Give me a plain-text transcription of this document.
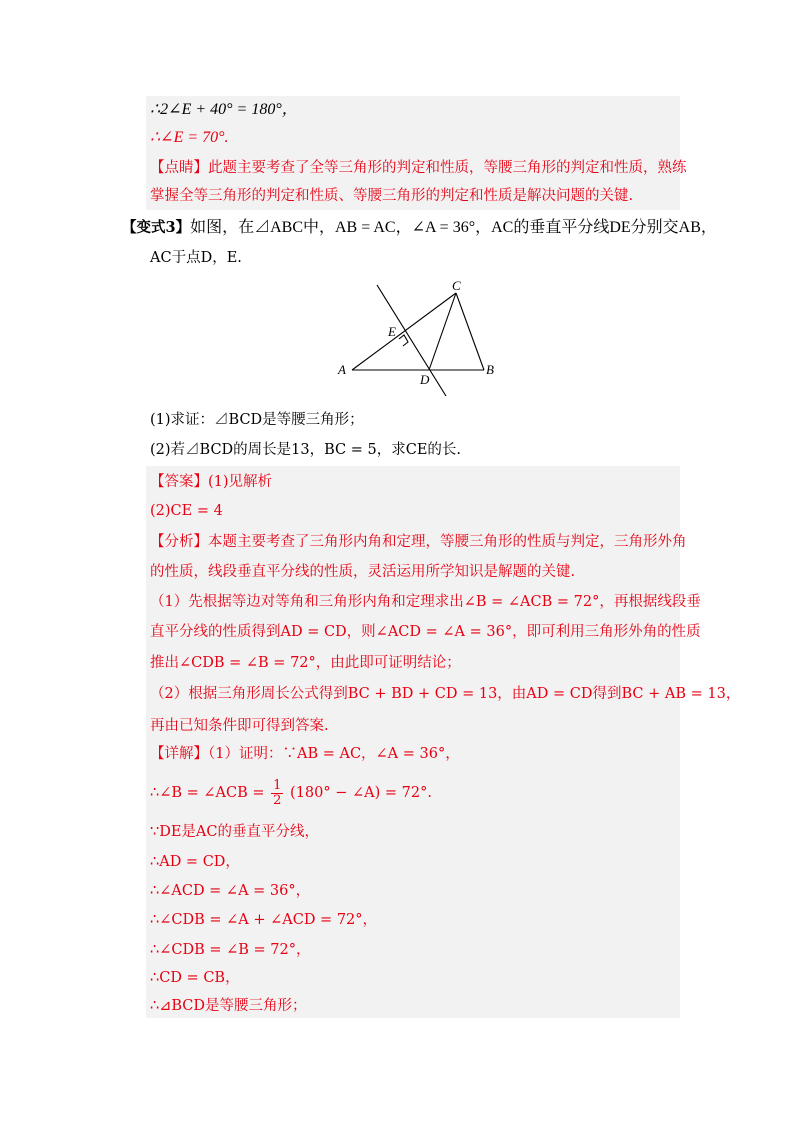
∴2∠E + 40° = 180°，
∴∠E = 70°.
【点睛】此题主要考查了全等三角形的判定和性质，等腰三角形的判定和性质，熟练
掌握全等三角形的判定和性质、等腰三角形的判定和性质是解决问题的关键.
【变式3】如图，在⊿ABC中，AB = AC，∠A = 36°，AC的垂直平分线DE分别交AB，
AC于点D，E.
A	B
C
D
E
(1)求证：⊿BCD是等腰三角形；
(2)若⊿BCD的周长是13，BC = 5，求CE的长.
【答案】(1)见解析
(2)CE = 4
【分析】本题主要考查了三角形内角和定理，等腰三角形的性质与判定，三角形外角
的性质，线段垂直平分线的性质，灵活运用所学知识是解题的关键.
（1）先根据等边对等角和三角形内角和定理求出∠B = ∠ACB = 72°，再根据线段垂
直平分线的性质得到AD = CD，则∠ACD = ∠A = 36°，即可利用三角形外角的性质
推出∠CDB = ∠B = 72°，由此即可证明结论；
（2）根据三角形周长公式得到BC + BD + CD = 13，由AD = CD得到BC + AB = 13，
再由已知条件即可得到答案.
【详解】（1）证明：∵AB = AC，∠A = 36°，
∴∠B = ∠ACB = $\frac{1}{2} (180^\circ$ − ∠A) = 72°.
∵DE是AC的垂直平分线，
∴AD = CD，
∴∠ACD = ∠A = 36°，
∴∠CDB = ∠A + ∠ACD = 72°，
∴∠CDB = ∠B = 72°，
∴CD = CB，
∴⊿BCD是等腰三角形；
